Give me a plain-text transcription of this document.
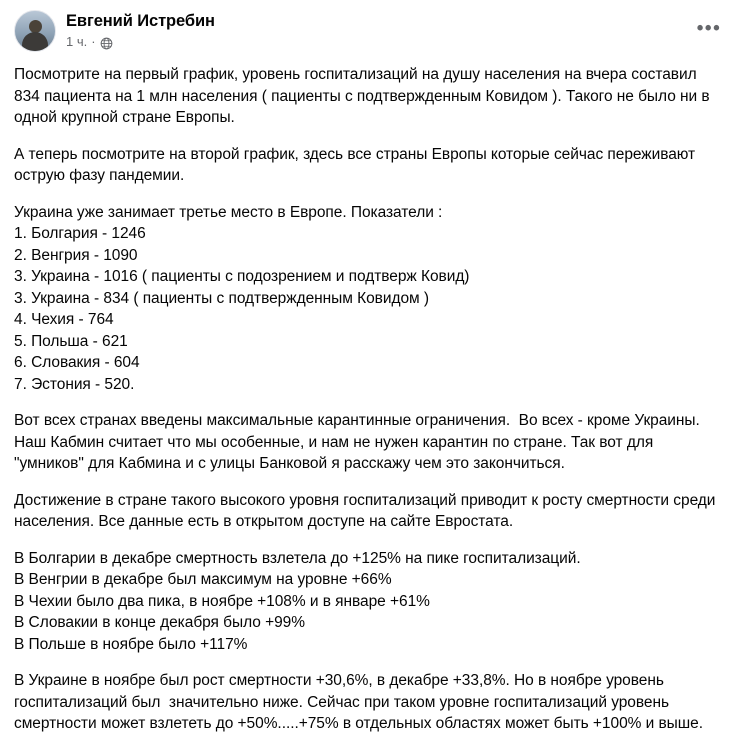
Евгений Истребин
1 ч. ·
•••

Посмотрите на первый график, уровень госпитализаций на душу населения на вчера составил 834 пациента на 1 млн населения ( пациенты с подтвержденным Ковидом ). Такого не было ни в одной крупной стране Европы.

А теперь посмотрите на второй график, здесь все страны Европы которые сейчас переживают острую фазу пандемии.

Украина уже занимает третье место в Европе. Показатели :

1. Болгария - 1246

2. Венгрия - 1090

3. Украина - 1016 ( пациенты с подозрением и подтверж Ковид)

3. Украина - 834 ( пациенты с подтвержденным Ковидом )

4. Чехия - 764

5. Польша - 621

6. Словакия - 604

7. Эстония - 520.

Вот всех странах введены максимальные карантинные ограничения.  Во всех - кроме Украины. Наш Кабмин считает что мы особенные, и нам не нужен карантин по стране. Так вот для "умников" для Кабмина и с улицы Банковой я расскажу чем это закончиться.

Достижение в стране такого высокого уровня госпитализаций приводит к росту смертности среди населения. Все данные есть в открытом доступе на сайте Евростата.

В Болгарии в декабре смертность взлетела до +125% на пике госпитализаций.

В Венгрии в декабре был максимум на уровне +66%

В Чехии было два пика, в ноябре +108% и в январе +61%

В Словакии в конце декабря было +99%

В Польше в ноябре было +117%

В Украине в ноябре был рост смертности +30,6%, в декабре +33,8%. Но в ноябре уровень госпитализаций был  значительно ниже. Сейчас при таком уровне госпитализаций уровень смертности может взлететь до +50%.....+75% в отдельных областях может быть +100% и выше.
